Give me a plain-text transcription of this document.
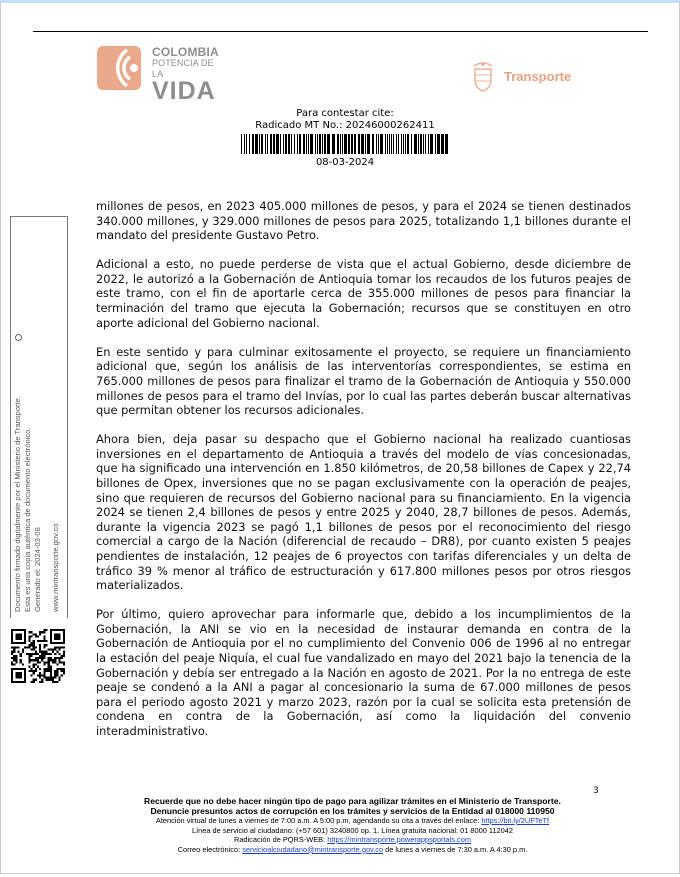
COLOMBIA
POTENCIA DE LA
VIDA
Transporte
Para contestar cite:
Radicado MT No.: 20246000262411
08-03-2024
Documento firmado digitalmente por el Ministerio de Transporte. Esta es una copia auténtica de documento electrónico. Generado el: 2024-03-08 www.mintransporte.gov.co

millones de pesos, en 2023 405.000 millones de pesos, y para el 2024 se tienen destinados 340.000 millones, y 329.000 millones de pesos para 2025, totalizando 1,1 billones durante el mandato del presidente Gustavo Petro.

Adicional a esto, no puede perderse de vista que el actual Gobierno, desde diciembre de 2022, le autorizó a la Gobernación de Antioquia tomar los recaudos de los futuros peajes de este tramo, con el fin de aportarle cerca de 355.000 millones de pesos para financiar la terminación del tramo que ejecuta la Gobernación; recursos que se constituyen en otro aporte adicional del Gobierno nacional.

En este sentido y para culminar exitosamente el proyecto, se requiere un financiamiento adicional que, según los análisis de las interventorías correspondientes, se estima en 765.000 millones de pesos para finalizar el tramo de la Gobernación de Antioquia y 550.000 millones de pesos para el tramo del Invías, por lo cual las partes deberán buscar alternativas que permitan obtener los recursos adicionales.

Ahora bien, deja pasar su despacho que el Gobierno nacional ha realizado cuantiosas inversiones en el departamento de Antioquia a través del modelo de vías concesionadas, que ha significado una intervención en 1.850 kilómetros, de 20,58 billones de Capex y 22,74 billones de Opex, inversiones que no se pagan exclusivamente con la operación de peajes, sino que requieren de recursos del Gobierno nacional para su financiamiento. En la vigencia 2024 se tienen 2,4 billones de pesos y entre 2025 y 2040, 28,7 billones de pesos. Además, durante la vigencia 2023 se pagó 1,1 billones de pesos por el reconocimiento del riesgo comercial a cargo de la Nación (diferencial de recaudo – DR8), por cuanto existen 5 peajes pendientes de instalación, 12 peajes de 6 proyectos con tarifas diferenciales y un delta de tráfico 39 % menor al tráfico de estructuración y 617.800 millones pesos por otros riesgos materializados.

Por último, quiero aprovechar para informarle que, debido a los incumplimientos de la Gobernación, la ANI se vio en la necesidad de instaurar demanda en contra de la Gobernación de Antioquia por el no cumplimiento del Convenio 006 de 1996 al no entregar la estación del peaje Niquía, el cual fue vandalizado en mayo del 2021 bajo la tenencia de la Gobernación y debía ser entregado a la Nación en agosto de 2021. Por la no entrega de este peaje se condenó a la ANI a pagar al concesionario la suma de 67.000 millones de pesos para el periodo agosto 2021 y marzo 2023, razón por la cual se solicita esta pretensión de condena en contra de la Gobernación, así como la liquidación del convenio interadministrativo.

3
Recuerde que no debe hacer ningún tipo de pago para agilizar trámites en el Ministerio de Transporte.
Denuncie presuntos actos de corrupción en los trámites y servicios de la Entidad al 018000 110950
Atención virtual de lunes a viernes de 7:00 a.m. A 5:00 p.m, agendando su cita a través del enlace: https://bit.ly/2UFTeTf
Línea de servicio al ciudadano: (+57 601) 3240800 op. 1. Línea gratuita nacional: 01 8000 112042
Radicación de PQRS-WEB: https://mintransporte.powerappsportals.com
Correo electrónico: servicioalciudadano@mintransporte.gov.co de lunes a viernes de 7:30 a.m. A 4:30 p.m.
